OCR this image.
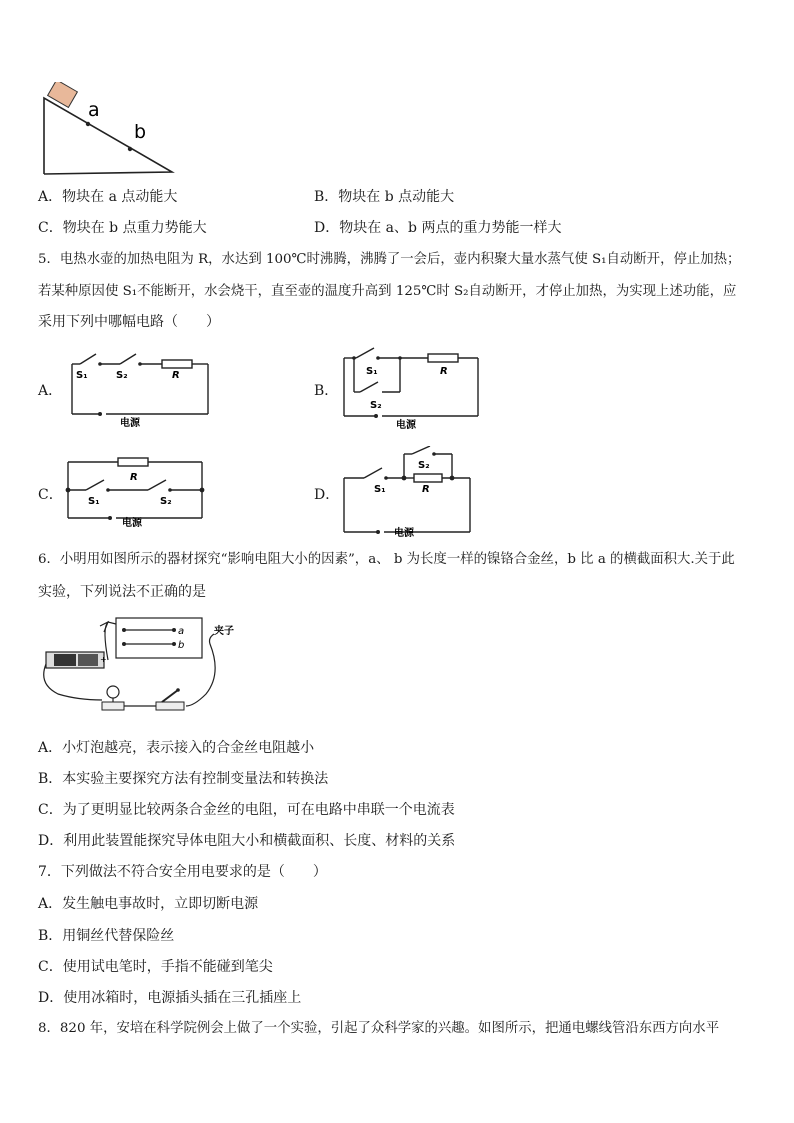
a
b
A．物块在 a 点动能大	B．物块在 b 点动能大
C．物块在 b 点重力势能大	D．物块在 a、b 两点的重力势能一样大
5．电热水壶的加热电阻为 R，水达到 100℃时沸腾，沸腾了一会后，壶内积聚大量水蒸气使 S₁自动断开，停止加热；
若某种原因使 S₁不能断开，水会烧干，直至壶的温度升高到 125℃时 S₂自动断开，才停止加热，为实现上述功能，应
采用下列中哪幅电路（　　）
A．	B．
C．	D．
S₁	S₂	R
电源
S₁
S₂
R
电源
R
S₁	S₂
电源
S₂
S₁	R
电源
6．小明用如图所示的器材探究“影响电阻大小的因素”，a、 b 为长度一样的镍铬合金丝，b 比 a 的横截面积大.关于此
实验，下列说法不正确的是
a
b
夹子
+
A．小灯泡越亮，表示接入的合金丝电阻越小
B．本实验主要探究方法有控制变量法和转换法
C．为了更明显比较两条合金丝的电阻，可在电路中串联一个电流表
D．利用此装置能探究导体电阻大小和横截面积、长度、材料的关系
7．下列做法不符合安全用电要求的是（　　）
A．发生触电事故时，立即切断电源
B．用铜丝代替保险丝
C．使用试电笔时，手指不能碰到笔尖
D．使用冰箱时，电源插头插在三孔插座上
8．820 年，安培在科学院例会上做了一个实验，引起了众科学家的兴趣。如图所示，把通电螺线管沿东西方向水平
